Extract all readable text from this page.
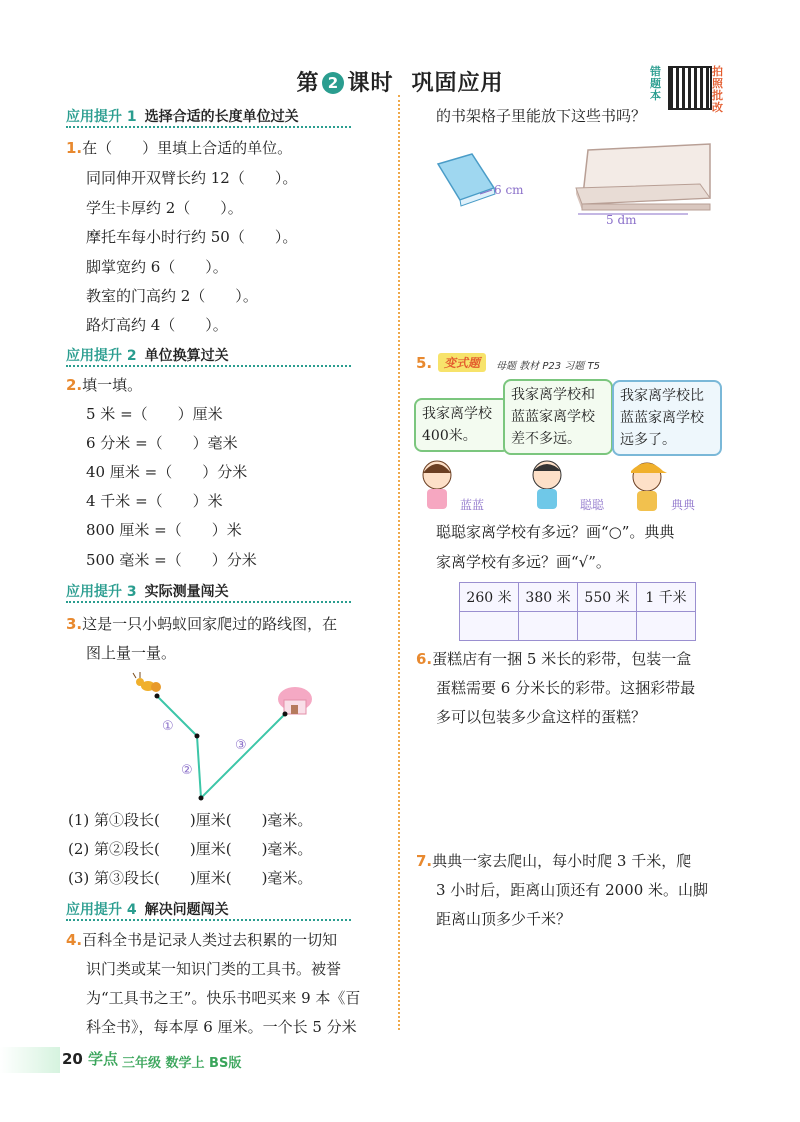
第 2 课时 巩固应用	错题本
拍照批改
应用提升 1 选择合适的长度单位过关
1.在（　　）里填上合适的单位。
同同伸开双臂长约 12（　　）。
学生卡厚约 2（　　）。
摩托车每小时行约 50（　　）。
脚掌宽约 6（　　）。
教室的门高约 2（　　）。
路灯高约 4（　　）。
应用提升 2 单位换算过关
2.填一填。
5 米 =（　　）厘米
6 分米 =（　　）毫米
40 厘米 =（　　）分米
4 千米 =（　　）米
800 厘米 =（　　）米
500 毫米 =（　　）分米
应用提升 3 实际测量闯关
3.这是一只小蚂蚁回家爬过的路线图，在
图上量一量。
①
②
③
(1) 第①段长(　　)厘米(　　)毫米。
(2) 第②段长(　　)厘米(　　)毫米。
(3) 第③段长(　　)厘米(　　)毫米。
应用提升 4 解决问题闯关
4.百科全书是记录人类过去积累的一切知
识门类或某一知识门类的工具书。被誉
为“工具书之王”。快乐书吧买来 9 本《百
科全书》，每本厚 6 厘米。一个长 5 分米
的书架格子里能放下这些书吗？
6 cm
5 dm
5. 变式题	母题 教材 P23 习题 T5
我家离学校400米。
我家离学校和蓝蓝家离学校差不多远。
我家离学校比蓝蓝家离学校远多了。
蓝蓝	聪聪	典典
聪聪家离学校有多远？画“○”。典典
家离学校有多远？画“√”。
260 米	380 米	550 米	1 千米

6.蛋糕店有一捆 5 米长的彩带，包装一盒
蛋糕需要 6 分米长的彩带。这捆彩带最
多可以包装多少盒这样的蛋糕？
7.典典一家去爬山，每小时爬 3 千米，爬
3 小时后，距离山顶还有 2000 米。山脚
距离山顶多少千米？
20 学点 三年级 数学上 BS版
